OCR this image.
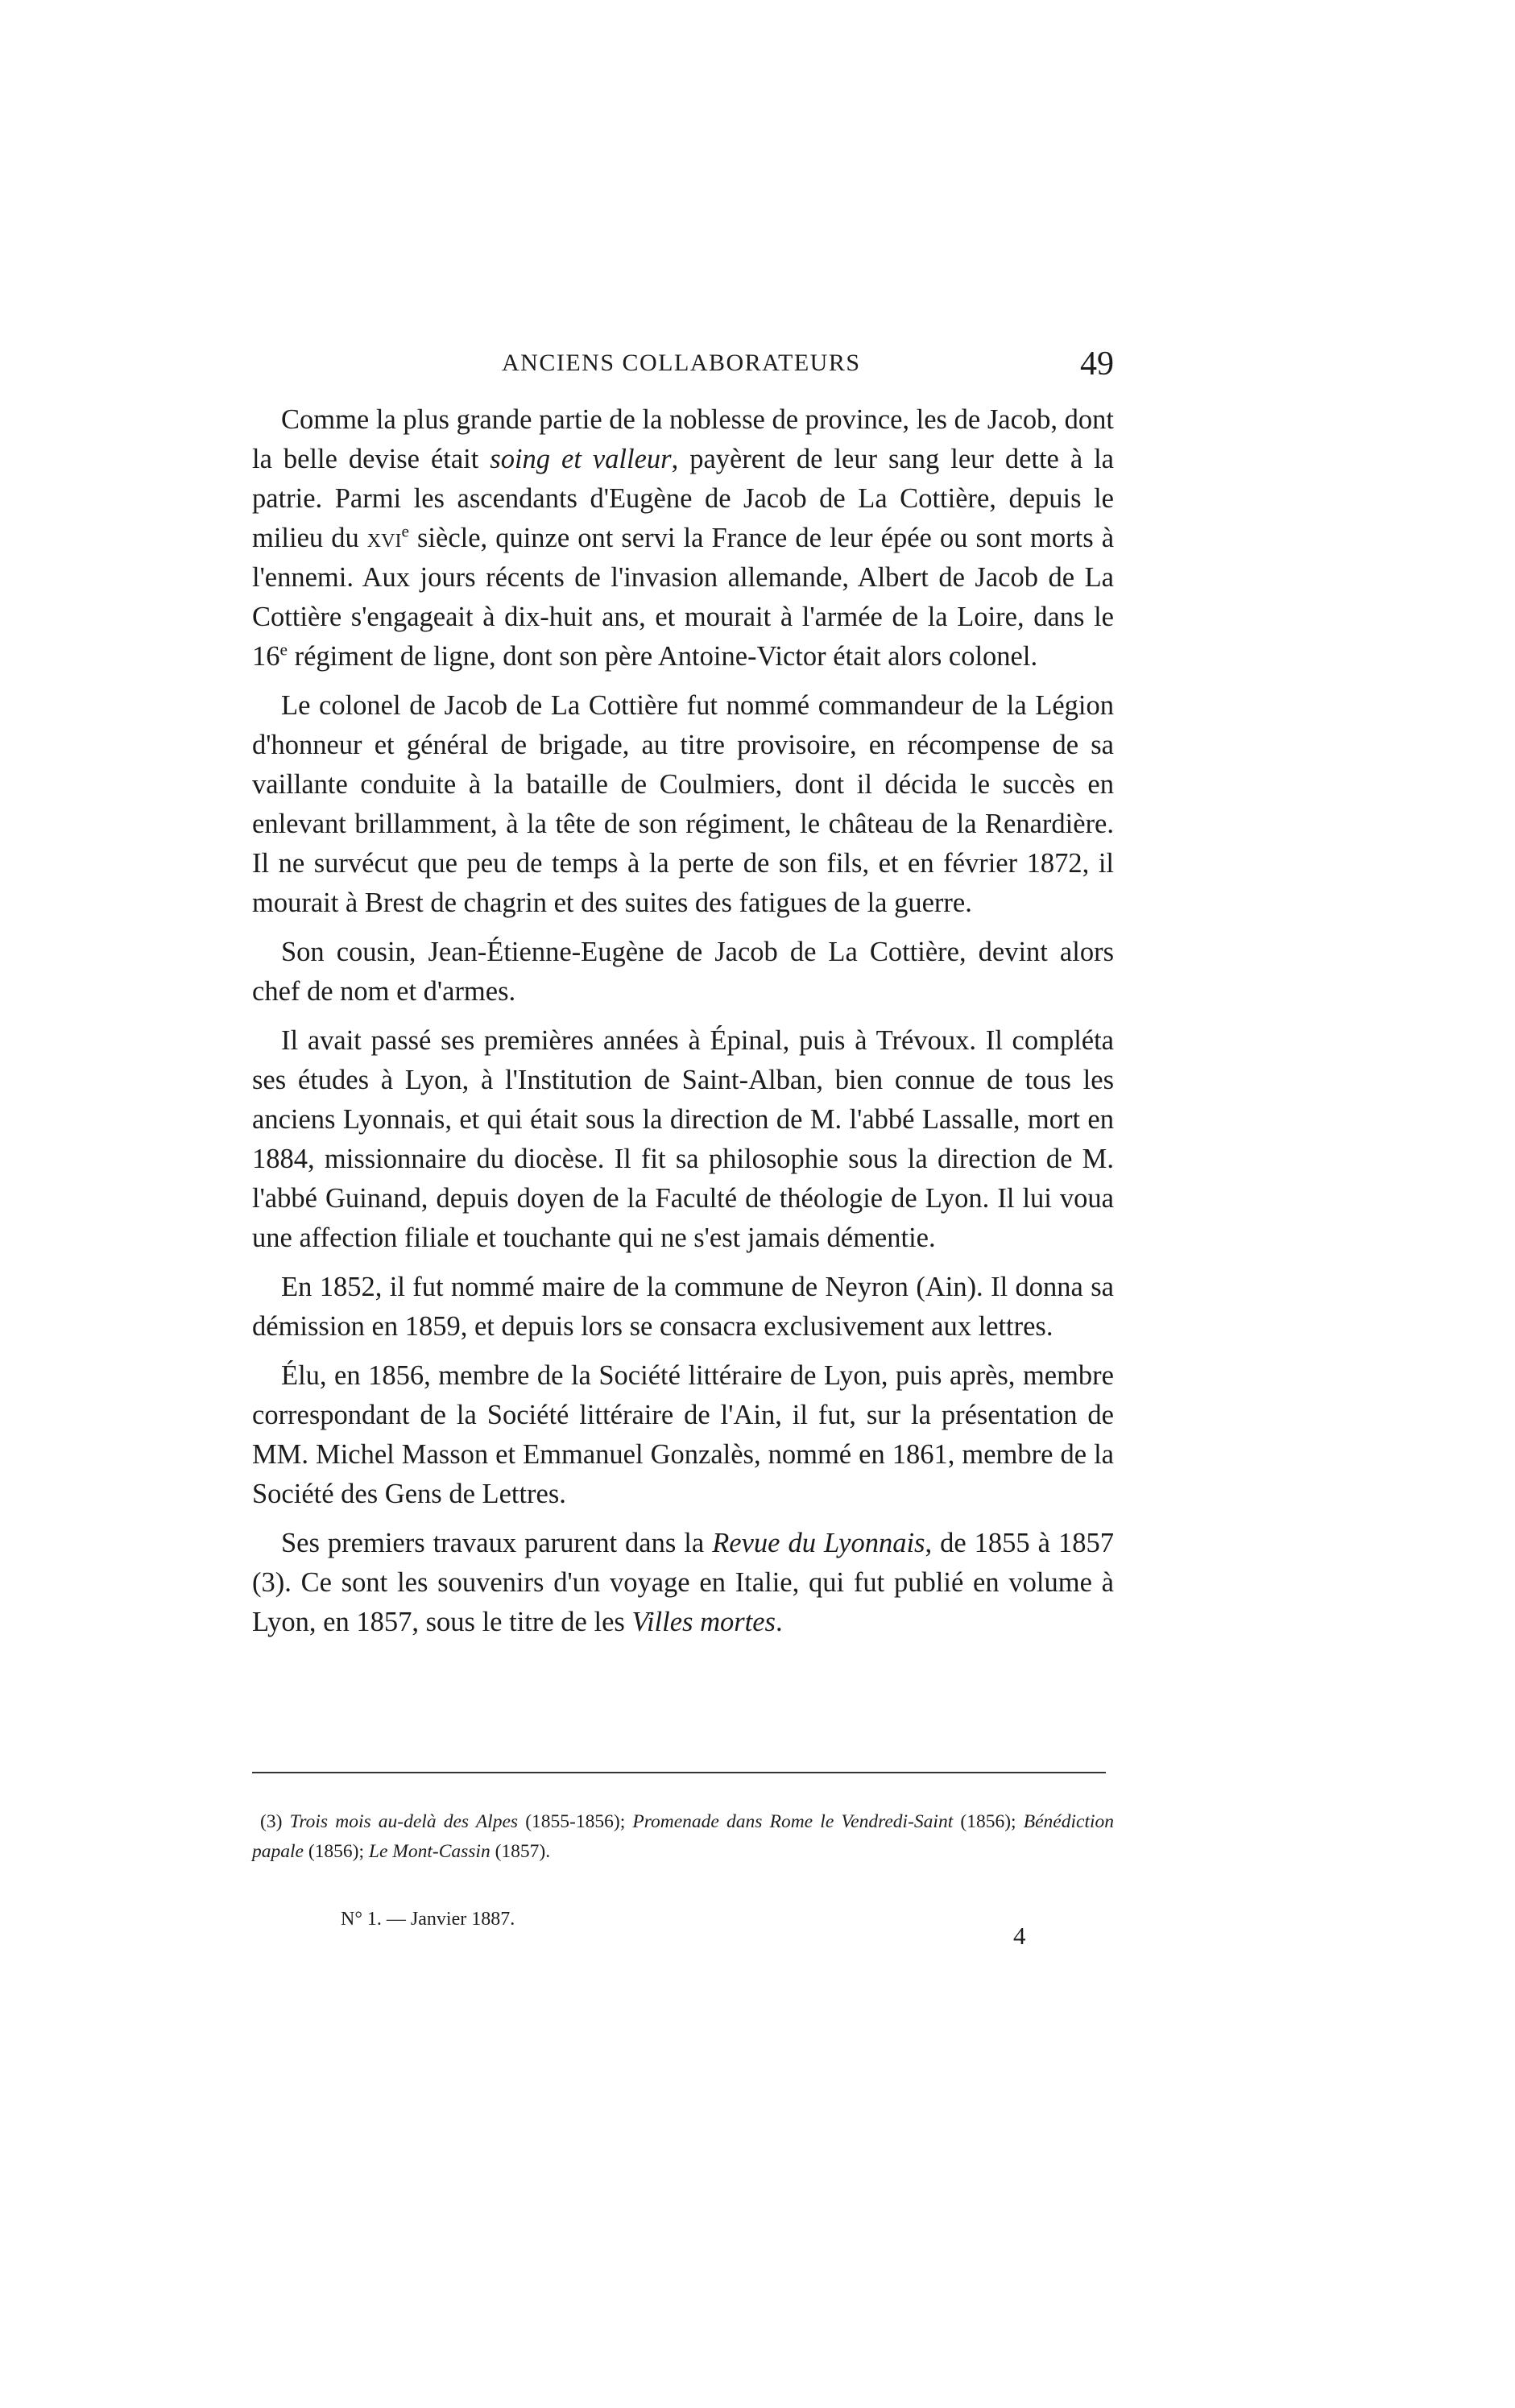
ANCIENS COLLABORATEURS	49

Comme la plus grande partie de la noblesse de province, les de Jacob, dont la belle devise était soing et valleur, payèrent de leur sang leur dette à la patrie. Parmi les ascendants d'Eugène de Jacob de La Cottière, depuis le milieu du xvi$^e$ siècle, quinze ont servi la France de leur épée ou sont morts à l'ennemi. Aux jours récents de l'invasion allemande, Albert de Jacob de La Cottière s'engageait à dix-huit ans, et mourait à l'armée de la Loire, dans le 16e régiment de ligne, dont son père Antoine-Victor était alors colonel.

Le colonel de Jacob de La Cottière fut nommé commandeur de la Légion d'honneur et général de brigade, au titre provisoire, en récompense de sa vaillante conduite à la bataille de Coulmiers, dont il décida le succès en enlevant brillamment, à la tête de son régiment, le château de la Renardière. Il ne survécut que peu de temps à la perte de son fils, et en février 1872, il mourait à Brest de chagrin et des suites des fatigues de la guerre.

Son cousin, Jean-Étienne-Eugène de Jacob de La Cottière, devint alors chef de nom et d'armes.

Il avait passé ses premières années à Épinal, puis à Trévoux. Il compléta ses études à Lyon, à l'Institution de Saint-Alban, bien connue de tous les anciens Lyonnais, et qui était sous la direction de M. l'abbé Lassalle, mort en 1884, missionnaire du diocèse. Il fit sa philosophie sous la direction de M. l'abbé Guinand, depuis doyen de la Faculté de théologie de Lyon. Il lui voua une affection filiale et touchante qui ne s'est jamais démentie.

En 1852, il fut nommé maire de la commune de Neyron (Ain). Il donna sa démission en 1859, et depuis lors se consacra exclusivement aux lettres.

Élu, en 1856, membre de la Société littéraire de Lyon, puis après, membre correspondant de la Société littéraire de l'Ain, il fut, sur la présentation de MM. Michel Masson et Emmanuel Gonzalès, nommé en 1861, membre de la Société des Gens de Lettres.

Ses premiers travaux parurent dans la Revue du Lyonnais, de 1855 à 1857 (3). Ce sont les souvenirs d'un voyage en Italie, qui fut publié en volume à Lyon, en 1857, sous le titre de les Villes mortes.

(3) Trois mois au-delà des Alpes (1855-1856); Promenade dans Rome le Vendredi-Saint (1856); Bénédiction papale (1856); Le Mont-Cassin (1857).

N° 1. — Janvier 1887.
4
